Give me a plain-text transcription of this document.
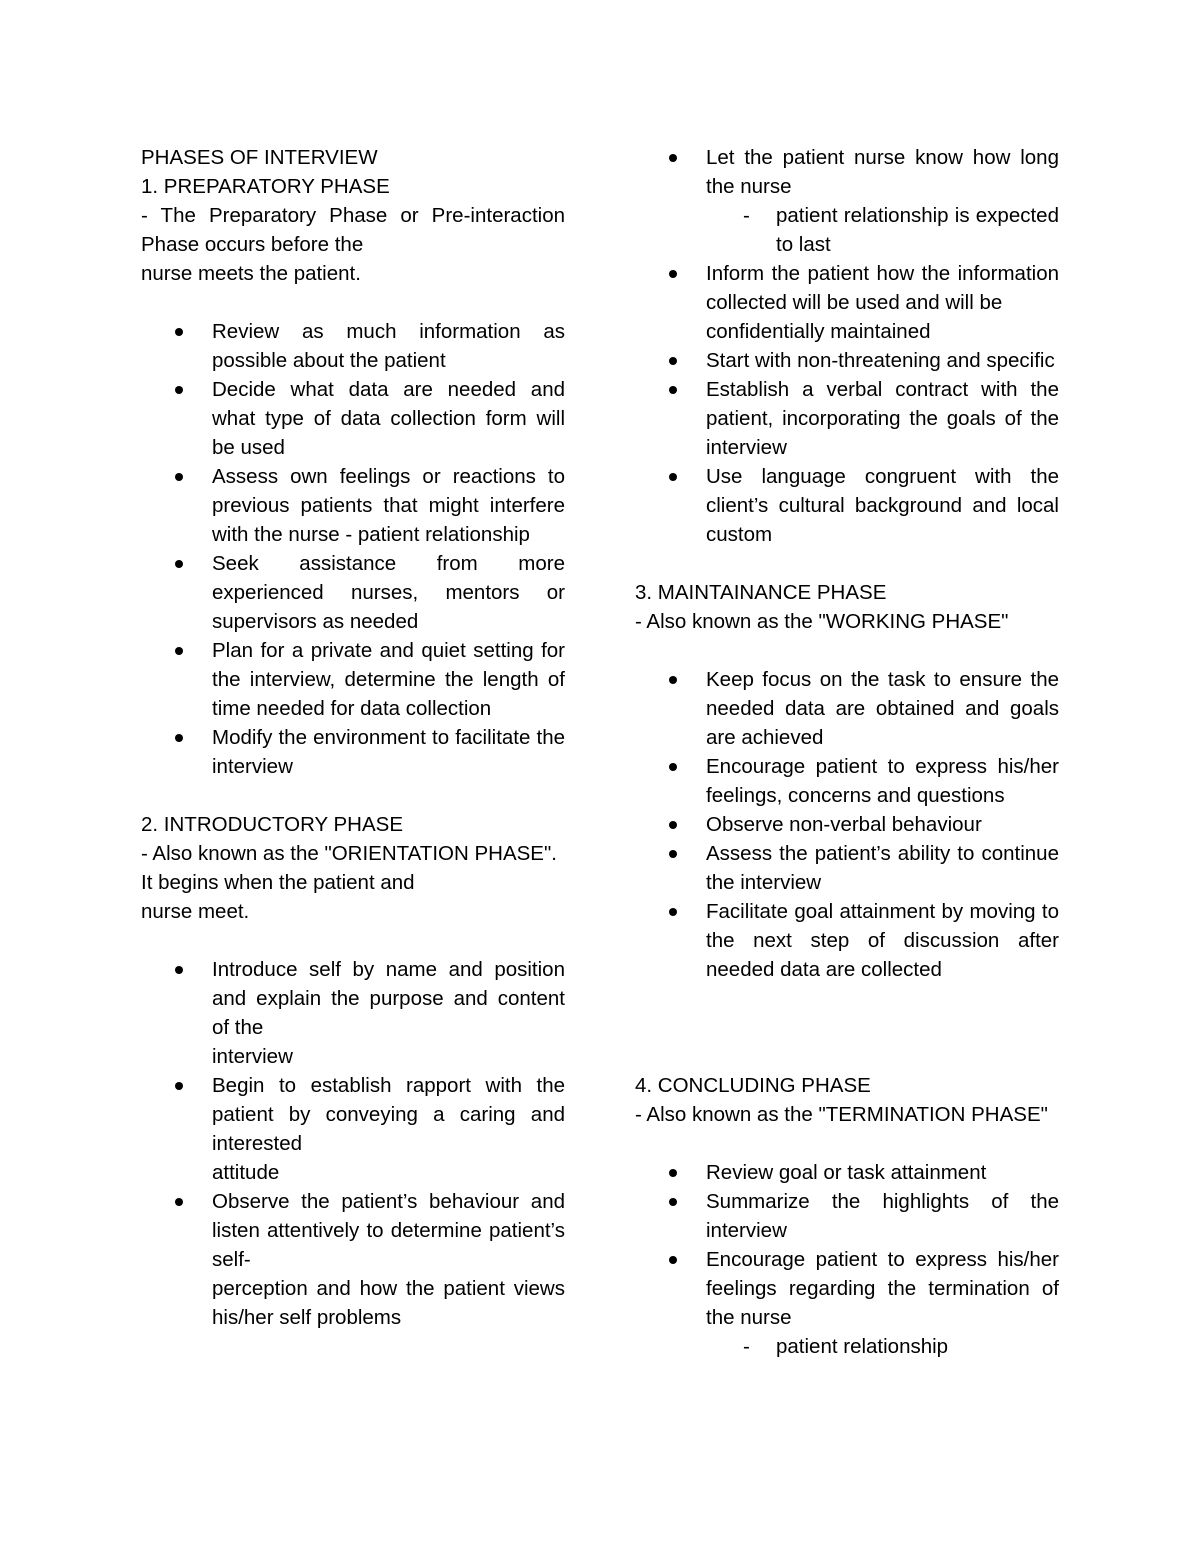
PHASES OF INTERVIEW

1. PREPARATORY PHASE

- The Preparatory Phase or Pre-interaction Phase occurs before the

nurse meets the patient.

Review as much information as possible about the patient
Decide what data are needed and what type of data collection form will be used
Assess own feelings or reactions to previous patients that might interfere with the nurse - patient relationship
Seek assistance from more experienced nurses, mentors or supervisors as needed
Plan for a private and quiet setting for the interview, determine the length of time needed for data collection
Modify the environment to facilitate the interview

2. INTRODUCTORY PHASE

- Also known as the "ORIENTATION PHASE".

It begins when the patient and

nurse meet.

Introduce self by name and position and explain the purpose and content of the
interview
Begin to establish rapport with the patient by conveying a caring and interested
attitude
Observe the patient’s behaviour and listen attentively to determine patient’s self-
perception and how the patient views his/her self problems
Let the patient nurse know how long the nurse
- patient relationship is expected to last
Inform the patient how the information collected will be used and will be
confidentially maintained
Start with non-threatening and specific
Establish a verbal contract with the patient, incorporating the goals of the interview
Use language congruent with the client’s cultural background and local custom

3. MAINTAINANCE PHASE

- Also known as the "WORKING PHASE"

Keep focus on the task to ensure the needed data are obtained and goals are achieved
Encourage patient to express his/her feelings, concerns and questions
Observe non-verbal behaviour
Assess the patient’s ability to continue the interview
Facilitate goal attainment by moving to the next step of discussion after needed data are collected

4. CONCLUDING PHASE

- Also known as the "TERMINATION PHASE"

Review goal or task attainment
Summarize the highlights of the interview
Encourage patient to express his/her feelings regarding the termination of the nurse
- patient relationship
